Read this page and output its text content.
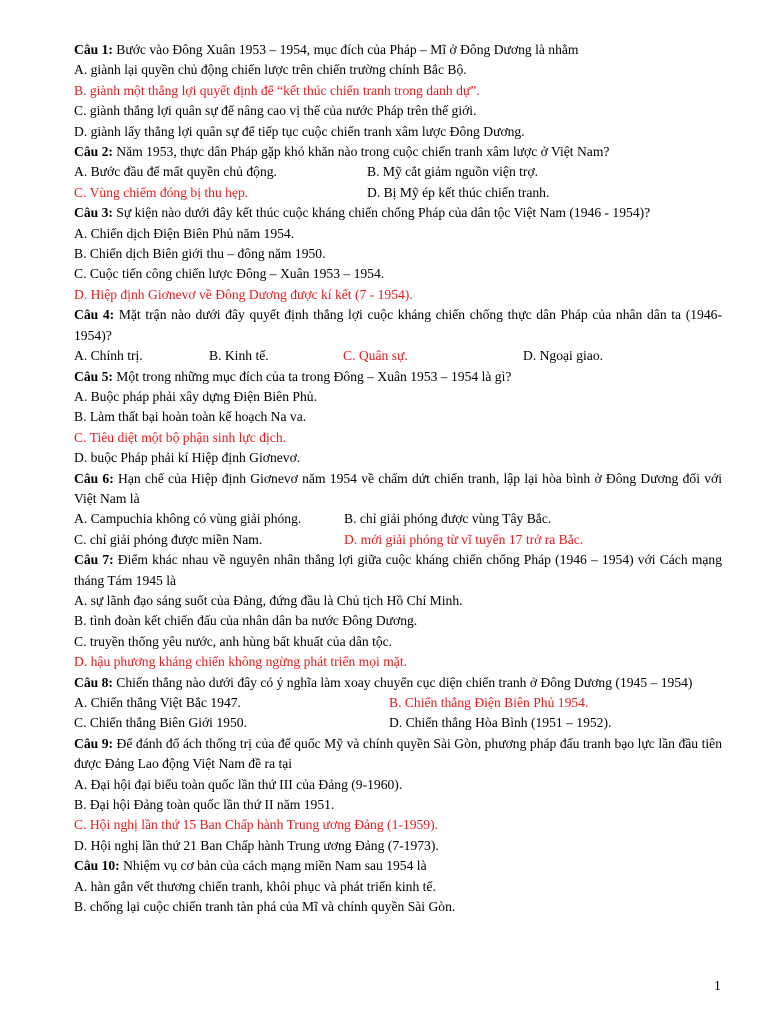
Câu 1: Bước vào Đông Xuân 1953 – 1954, mục đích của Pháp – Mĩ ở Đông Dương là nhằm
A. giành lại quyền chủ động chiến lược trên chiến trường chính Bắc Bộ.
B. giành một thắng lợi quyết định để “kết thúc chiến tranh trong danh dự”.
C. giành thắng lợi quân sự để nâng cao vị thế của nước Pháp trên thế giới.
D. giành lấy thắng lợi quân sự để tiếp tục cuộc chiến tranh xâm lược Đông Dương.
Câu 2: Năm 1953, thực dân Pháp gặp khó khăn nào trong cuộc chiến tranh xâm lược ở Việt Nam?
A. Bước đầu để mất quyền chủ động.	B. Mỹ cắt giảm nguồn viện trợ.
C. Vùng chiếm đóng bị thu hẹp.	D. Bị Mỹ ép kết thúc chiến tranh.
Câu 3: Sự kiện nào dưới đây kết thúc cuộc kháng chiến chống Pháp của dân tộc Việt Nam (1946 - 1954)?
A. Chiến dịch Điện Biên Phủ năm 1954.
B. Chiến dịch Biên giới thu – đông năm 1950.
C. Cuộc tiến công chiến lược Đông – Xuân 1953 – 1954.
D. Hiệp định Giơnevơ về Đông Dương được kí kết (7 - 1954).
Câu 4: Mặt trận nào dưới đây quyết định thắng lợi cuộc kháng chiến chống thực dân Pháp của nhân dân ta (1946-1954)?
A. Chính trị.	B. Kinh tế.	C. Quân sự.	D. Ngoại giao.
Câu 5: Một trong những mục đích của ta trong Đông – Xuân 1953 – 1954 là gì?
A. Buộc pháp phải xây dựng Điện Biên Phủ.
B. Làm thất bại hoàn toàn kế hoạch Na va.
C. Tiêu diệt một bộ phận sinh lực địch.
D. buộc Pháp phải kí Hiệp định Giơnevơ.
Câu 6: Hạn chế của Hiệp định Giơnevơ năm 1954 về chấm dứt chiến tranh, lập lại hòa bình ở Đông Dương đối với Việt Nam là
A. Campuchia không có vùng giải phóng.	B. chỉ giải phóng được vùng Tây Bắc.
C. chỉ giải phóng được miền Nam.	D. mới giải phóng từ vĩ tuyến 17 trở ra Bắc.
Câu 7: Điểm khác nhau về nguyên nhân thắng lợi giữa cuộc kháng chiến chống Pháp (1946 – 1954) với Cách mạng tháng Tám 1945 là
A. sự lãnh đạo sáng suốt của Đảng, đứng đầu là Chủ tịch Hồ Chí Minh.
B. tình đoàn kết chiến đấu của nhân dân ba nước Đông Dương.
C. truyền thống yêu nước, anh hùng bất khuất của dân tộc.
D. hậu phương kháng chiến không ngừng phát triển mọi mặt.
Câu 8: Chiến thắng nào dưới đây có ý nghĩa làm xoay chuyển cục diện chiến tranh ở Đông Dương (1945 – 1954)
A. Chiến thắng Việt Bắc 1947.	B. Chiến thắng Điện Biên Phủ 1954.
C. Chiến thắng Biên Giới 1950.	D. Chiến thắng Hòa Bình (1951 – 1952).
Câu 9: Để đánh đổ ách thống trị của đế quốc Mỹ và chính quyền Sài Gòn, phương pháp đấu tranh bạo lực lần đầu tiên được Đảng Lao động Việt Nam đề ra tại
A. Đại hội đại biểu toàn quốc lần thứ III của Đảng (9-1960).
B. Đại hội Đảng toàn quốc lần thứ II năm 1951.
C. Hội nghị lần thứ 15 Ban Chấp hành Trung ương Đảng (1-1959).
D. Hội nghị lần thứ 21 Ban Chấp hành Trung ương Đảng (7-1973).
Câu 10: Nhiệm vụ cơ bản của cách mạng miền Nam sau 1954 là
A. hàn gắn vết thương chiến tranh, khôi phục và phát triển kinh tế.
B. chống lại cuộc chiến tranh tàn phá của Mĩ và chính quyền Sài Gòn.
1
